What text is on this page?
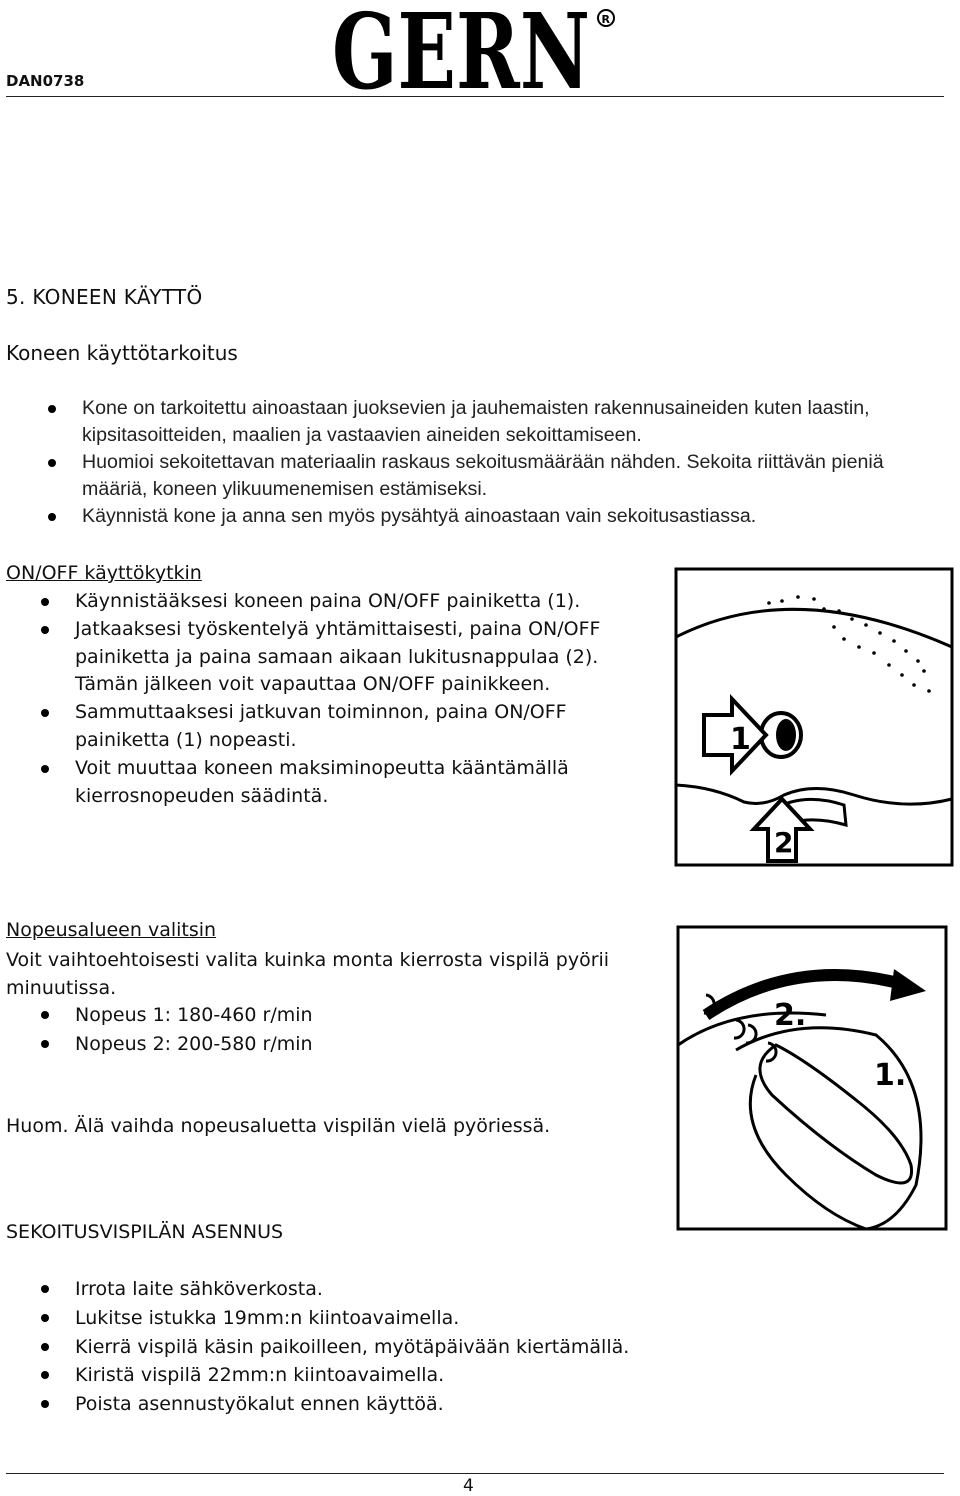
DAN0738 GERN R
5. KONEEN KÄYTTÖ
Koneen käyttötarkoitus
Kone on tarkoitettu ainoastaan juoksevien ja jauhemaisten rakennusaineiden kuten laastin, kipsitasoitteiden, maalien ja vastaavien aineiden sekoittamiseen.
Huomioi sekoitettavan materiaalin raskaus sekoitusmäärään nähden. Sekoita riittävän pieniä määriä, koneen ylikuumenemisen estämiseksi.
Käynnistä kone ja anna sen myös pysähtyä ainoastaan vain sekoitusastiassa.
ON/OFF käyttökytkin
Käynnistääksesi koneen paina ON/OFF painiketta (1).
Jatkaaksesi työskentelyä yhtämittaisesti, paina ON/OFF painiketta ja paina samaan aikaan lukitusnappulaa (2). Tämän jälkeen voit vapauttaa ON/OFF painikkeen.
Sammuttaaksesi jatkuvan toiminnon, paina ON/OFF painiketta (1) nopeasti.
Voit muuttaa koneen maksiminopeutta kääntämällä kierrosnopeuden säädintä.
1
2
Nopeusalueen valitsin
Voit vaihtoehtoisesti valita kuinka monta kierrosta vispilä pyörii minuutissa.
Nopeus 1: 180-460 r/min
Nopeus 2: 200-580 r/min
Huom. Älä vaihda nopeusaluetta vispilän vielä pyöriessä.
2.
1.
SEKOITUSVISPILÄN ASENNUS
Irrota laite sähköverkosta.
Lukitse istukka 19mm:n kiintoavaimella.
Kierrä vispilä käsin paikoilleen, myötäpäivään kiertämällä.
Kiristä vispilä 22mm:n kiintoavaimella.
Poista asennustyökalut ennen käyttöä.
4
